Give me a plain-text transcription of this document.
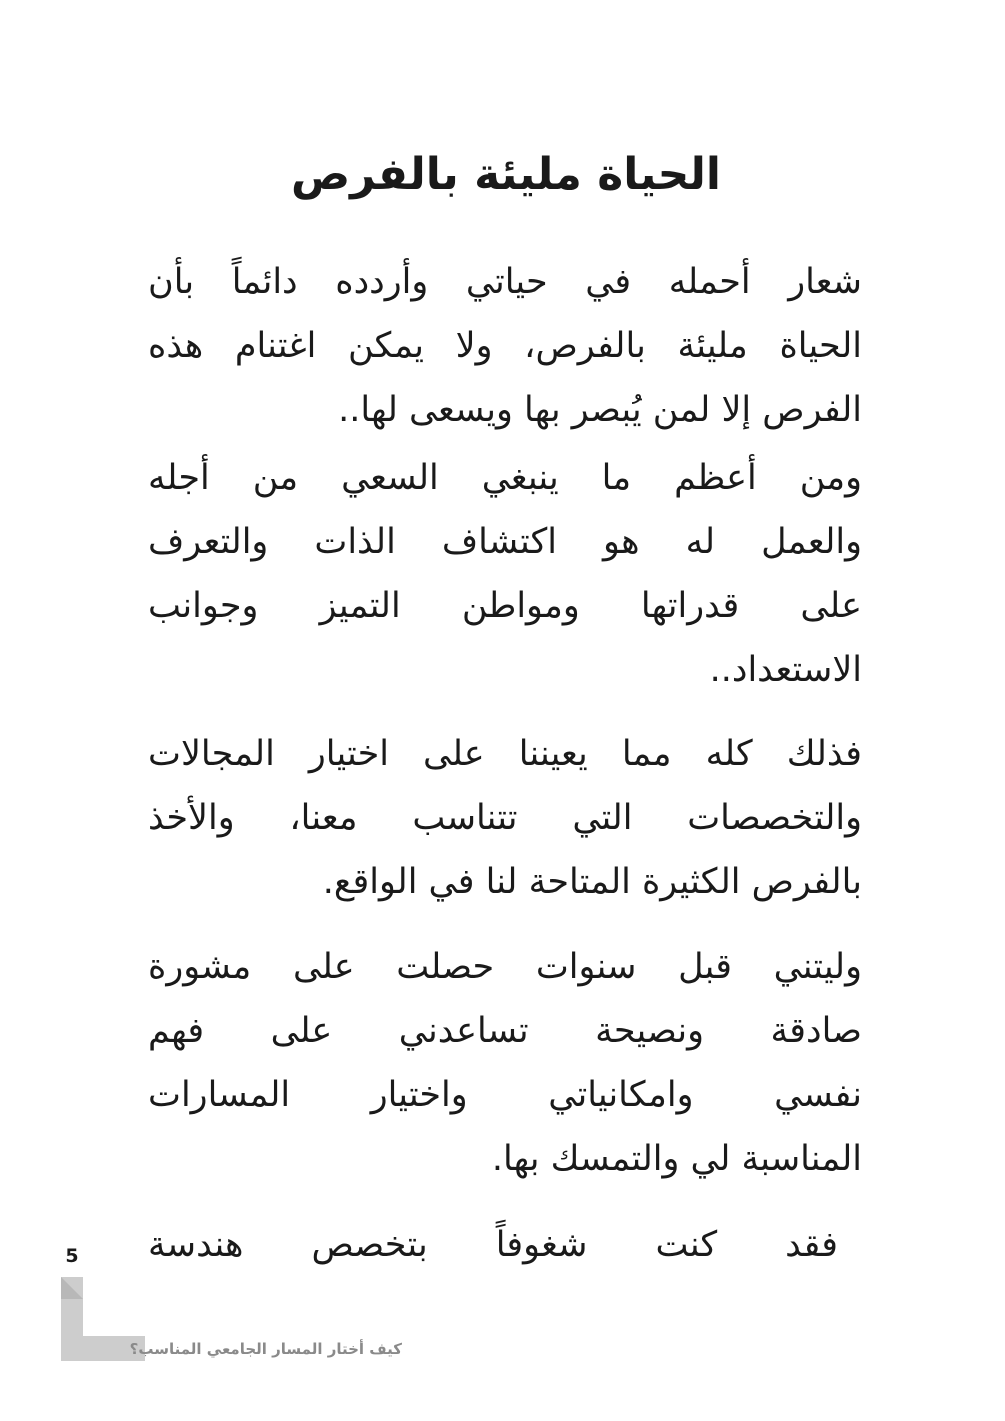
الحياة مليئة بالفرص
شعار أحمله في حياتي وأردده دائماً بأن
الحياة مليئة بالفرص، ولا يمكن اغتنام هذه
الفرص إلا لمن يُبصر بها ويسعى لها..
ومن أعظم ما ينبغي السعي من أجله
والعمل له هو اكتشاف الذات والتعرف
على قدراتها ومواطن التميز وجوانب
الاستعداد..
فذلك كله مما يعيننا على اختيار المجالات
والتخصصات التي تتناسب معنا، والأخذ
بالفرص الكثيرة المتاحة لنا في الواقع.
وليتني قبل سنوات حصلت على مشورة
صادقة ونصيحة تساعدني على فهم
نفسي وامكانياتي واختيار المسارات
المناسبة لي والتمسك بها.
فقد كنت شغوفاً بتخصص هندسة
5
كيف أختار المسار الجامعي المناسب؟
